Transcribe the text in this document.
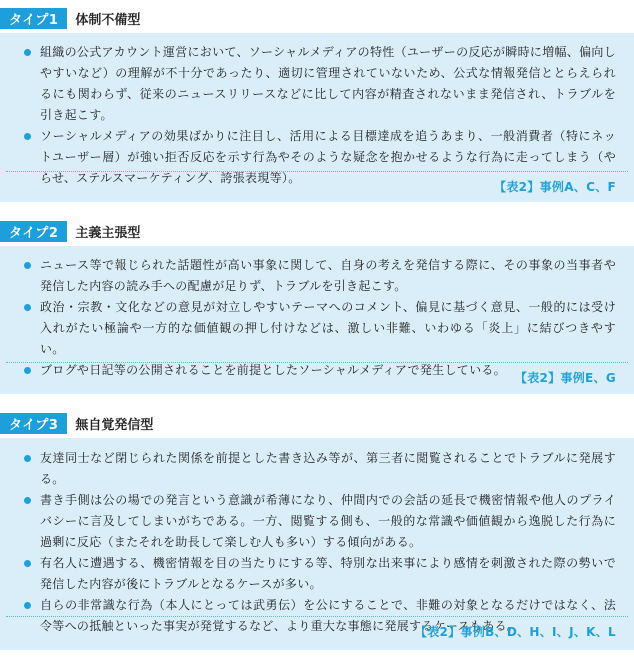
タイプ1	体制不備型
組織の公式アカウント運営において、ソーシャルメディアの特性（ユーザーの反応が瞬時に増幅、偏向しやすいなど）の理解が不十分であったり、適切に管理されていないため、公式な情報発信ととらえられるにも関わらず、従来のニュースリリースなどに比して内容が精査されないまま発信され、トラブルを引き起こす。
ソーシャルメディアの効果ばかりに注目し、活用による目標達成を追うあまり、一般消費者（特にネットユーザー層）が強い拒否反応を示す行為やそのような疑念を抱かせるような行為に走ってしまう（やらせ、ステルスマーケティング、誇張表現等）。
【表2】事例A、C、F
タイプ2	主義主張型
ニュース等で報じられた話題性が高い事象に関して、自身の考えを発信する際に、その事象の当事者や発信した内容の読み手への配慮が足りず、トラブルを引き起こす。
政治・宗教・文化などの意見が対立しやすいテーマへのコメント、偏見に基づく意見、一般的には受け入れがたい極論や一方的な価値観の押し付けなどは、激しい非難、いわゆる「炎上」に結びつきやすい。
ブログや日記等の公開されることを前提としたソーシャルメディアで発生している。
【表2】事例E、G
タイプ3	無自覚発信型
友達同士など閉じられた関係を前提とした書き込み等が、第三者に閲覧されることでトラブルに発展する。
書き手側は公の場での発言という意識が希薄になり、仲間内での会話の延長で機密情報や他人のプライバシーに言及してしまいがちである。一方、閲覧する側も、一般的な常識や価値観から逸脱した行為に過剰に反応（またそれを助長して楽しむ人も多い）する傾向がある。
有名人に遭遇する、機密情報を目の当たりにする等、特別な出来事により感情を刺激された際の勢いで発信した内容が後にトラブルとなるケースが多い。
自らの非常識な行為（本人にとっては武勇伝）を公にすることで、非難の対象となるだけではなく、法令等への抵触といった事実が発覚するなど、より重大な事態に発展するケースもある。
【表2】事例B、D、H、I、J、K、L
